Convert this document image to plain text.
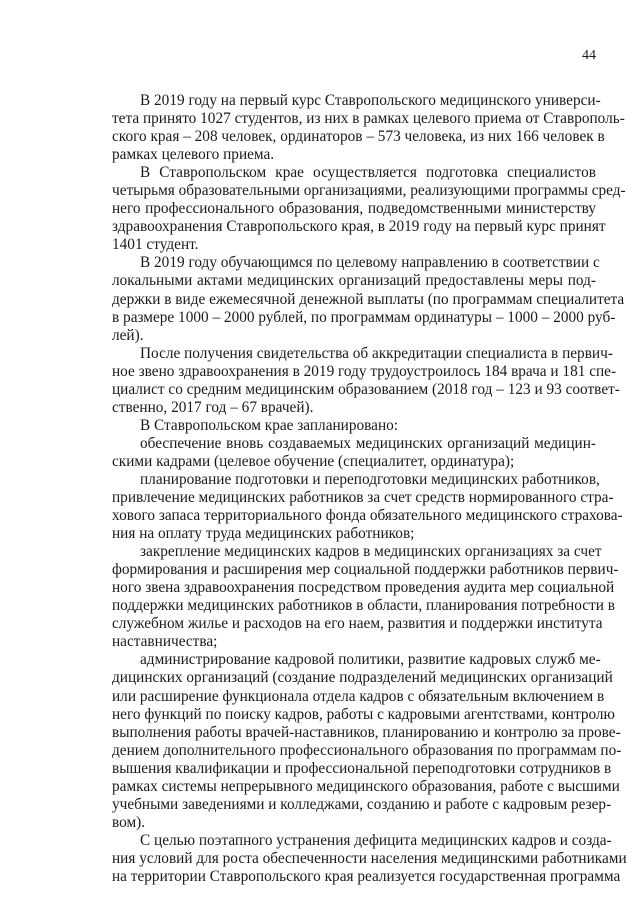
44
В 2019 году на первый курс Ставропольского медицинского универси-
тета принято 1027 студентов, из них в рамках целевого приема от Ставрополь-
ского края – 208 человек, ординаторов – 573 человека, из них 166 человек в
рамках целевого приема.
В Ставропольском крае осуществляется подготовка специалистов
четырьмя образовательными организациями, реализующими программы сред-
него профессионального образования, подведомственными министерству
здравоохранения Ставропольского края, в 2019 году на первый курс принят
1401 студент.
В 2019 году обучающимся по целевому направлению в соответствии с
локальными актами медицинских организаций предоставлены меры под-
держки в виде ежемесячной денежной выплаты (по программам специалитета
в размере 1000 – 2000 рублей, по программам ординатуры – 1000 – 2000 руб-
лей).
После получения свидетельства об аккредитации специалиста в первич-
ное звено здравоохранения в 2019 году трудоустроилось 184 врача и 181 спе-
циалист со средним медицинским образованием (2018 год – 123 и 93 соответ-
ственно, 2017 год – 67 врачей).
В Ставропольском крае запланировано:
обеспечение вновь создаваемых медицинских организаций медицин-
скими кадрами (целевое обучение (специалитет, ординатура);
планирование подготовки и переподготовки медицинских работников,
привлечение медицинских работников за счет средств нормированного стра-
хового запаса территориального фонда обязательного медицинского страхова-
ния на оплату труда медицинских работников;
закрепление медицинских кадров в медицинских организациях за счет
формирования и расширения мер социальной поддержки работников первич-
ного звена здравоохранения посредством проведения аудита мер социальной
поддержки медицинских работников в области, планирования потребности в
служебном жилье и расходов на его наем, развития и поддержки института
наставничества;
администрирование кадровой политики, развитие кадровых служб ме-
дицинских организаций (создание подразделений медицинских организаций
или расширение функционала отдела кадров с обязательным включением в
него функций по поиску кадров, работы с кадровыми агентствами, контролю
выполнения работы врачей-наставников, планированию и контролю за прове-
дением дополнительного профессионального образования по программам по-
вышения квалификации и профессиональной переподготовки сотрудников в
рамках системы непрерывного медицинского образования, работе с высшими
учебными заведениями и колледжами, созданию и работе с кадровым резер-
вом).
С целью поэтапного устранения дефицита медицинских кадров и созда-
ния условий для роста обеспеченности населения медицинскими работниками
на территории Ставропольского края реализуется государственная программа
